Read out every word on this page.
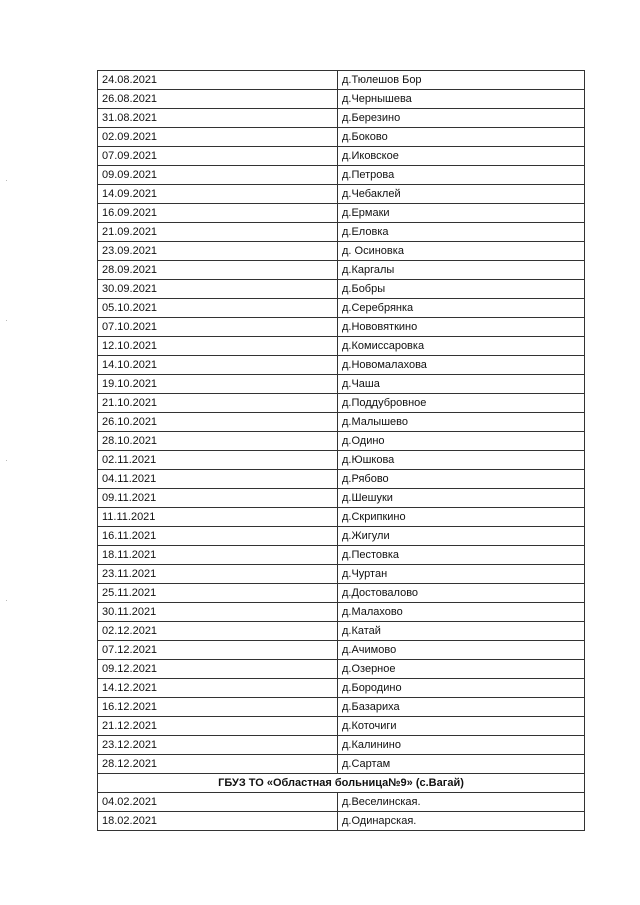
24.08.2021	д.Тюлешов Бор
26.08.2021	д.Чернышева
31.08.2021	д.Березино
02.09.2021	д.Боково
07.09.2021	д.Иковское
09.09.2021	д.Петрова
14.09.2021	д.Чебаклей
16.09.2021	д.Ермаки
21.09.2021	д.Еловка
23.09.2021	д. Осиновка
28.09.2021	д.Каргалы
30.09.2021	д.Бобры
05.10.2021	д.Серебрянка
07.10.2021	д.Нововяткино
12.10.2021	д.Комиссаровка
14.10.2021	д.Новомалахова
19.10.2021	д.Чаша
21.10.2021	д.Поддубровное
26.10.2021	д.Малышево
28.10.2021	д.Одино
02.11.2021	д.Юшкова
04.11.2021	д.Рябово
09.11.2021	д.Шешуки
11.11.2021	д.Скрипкино
16.11.2021	д.Жигули
18.11.2021	д.Пестовка
23.11.2021	д.Чуртан
25.11.2021	д.Достовалово
30.11.2021	д.Малахово
02.12.2021	д.Катай
07.12.2021	д.Ачимово
09.12.2021	д.Озерное
14.12.2021	д.Бородино
16.12.2021	д.Базариха
21.12.2021	д.Коточиги
23.12.2021	д.Калинино
28.12.2021	д.Сартам
ГБУЗ ТО «Областная больница№9» (с.Вагай)	
04.02.2021	д.Веселинская.
18.02.2021	д.Одинарская.
